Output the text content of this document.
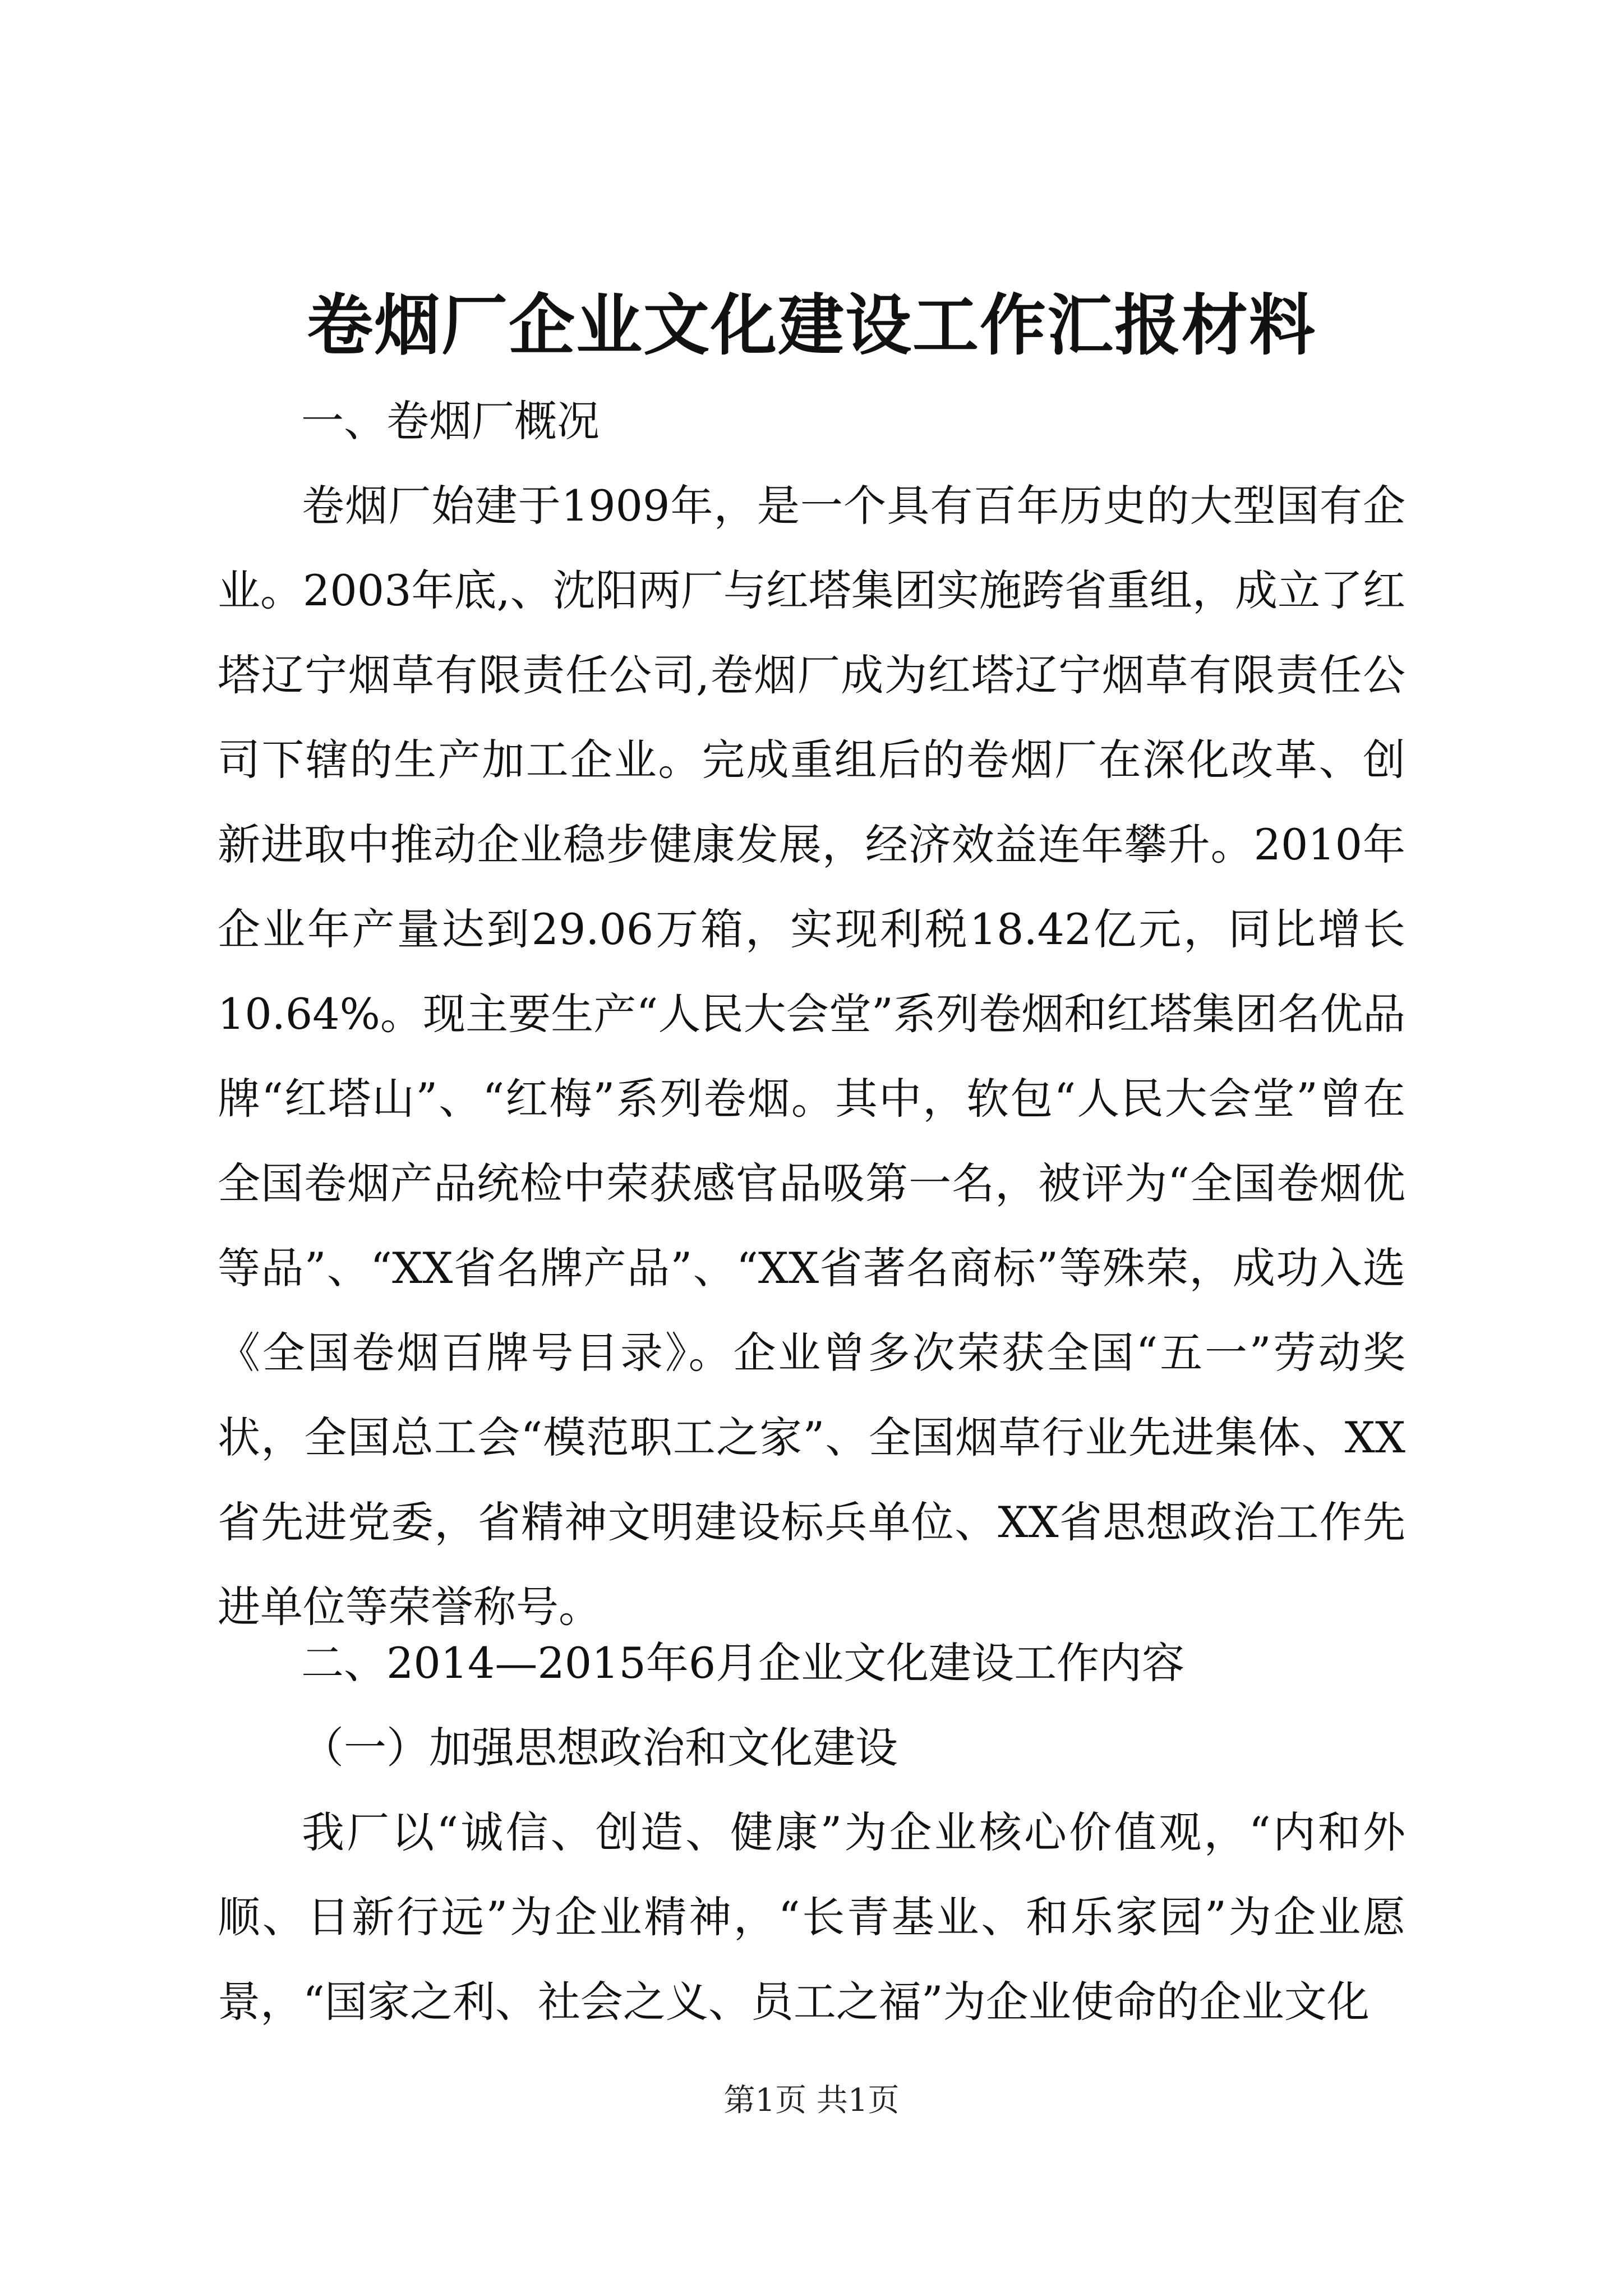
卷烟厂企业文化建设工作汇报材料

一、卷烟厂概况

卷烟厂始建于1909年，是一个具有百年历史的大型国有企业。2003年底,、沈阳两厂与红塔集团实施跨省重组，成立了红塔辽宁烟草有限责任公司,卷烟厂成为红塔辽宁烟草有限责任公司下辖的生产加工企业。完成重组后的卷烟厂在深化改革、创新进取中推动企业稳步健康发展，经济效益连年攀升。2010年企业年产量达到29.06万箱，实现利税18.42亿元，同比增长10.64%。现主要生产“人民大会堂”系列卷烟和红塔集团名优品牌“红塔山”、“红梅”系列卷烟。其中，软包“人民大会堂”曾在全国卷烟产品统检中荣获感官品吸第一名，被评为“全国卷烟优等品”、“XX省名牌产品”、“XX省著名商标”等殊荣，成功入选《全国卷烟百牌号目录》。企业曾多次荣获全国“五一”劳动奖状，全国总工会“模范职工之家”、全国烟草行业先进集体、XX省先进党委，省精神文明建设标兵单位、XX省思想政治工作先进单位等荣誉称号。

二、2014—2015年6月企业文化建设工作内容

（一）加强思想政治和文化建设

我厂以“诚信、创造、健康”为企业核心价值观，“内和外顺、日新行远”为企业精神，“长青基业、和乐家园”为企业愿景，“国家之利、社会之义、员工之福”为企业使命的企业文化

第1页 共1页
